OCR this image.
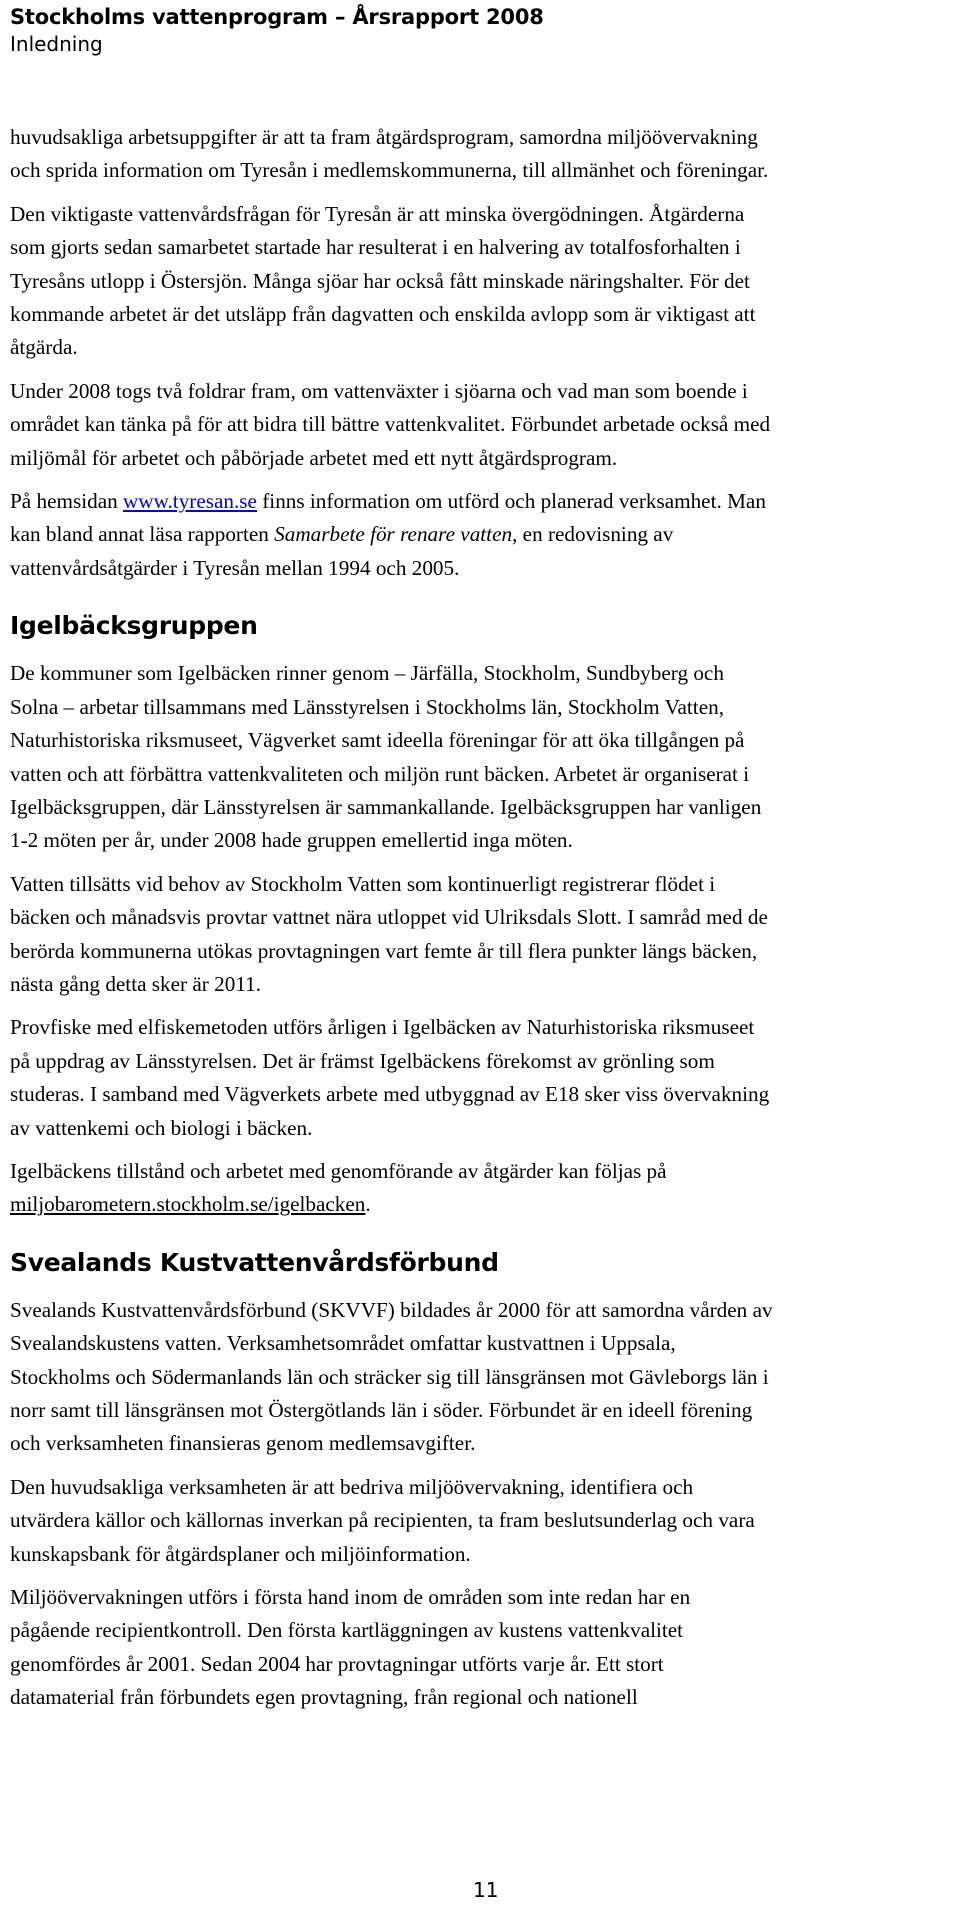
Stockholms vattenprogram – Årsrapport 2008
Inledning

huvudsakliga arbetsuppgifter är att ta fram åtgärdsprogram, samordna miljöövervakning
och sprida information om Tyresån i medlemskommunerna, till allmänhet och föreningar.

Den viktigaste vattenvårdsfrågan för Tyresån är att minska övergödningen. Åtgärderna
som gjorts sedan samarbetet startade har resulterat i en halvering av totalfosforhalten i
Tyresåns utlopp i Östersjön. Många sjöar har också fått minskade näringshalter. För det
kommande arbetet är det utsläpp från dagvatten och enskilda avlopp som är viktigast att
åtgärda.

Under 2008 togs två foldrar fram, om vattenväxter i sjöarna och vad man som boende i
området kan tänka på för att bidra till bättre vattenkvalitet. Förbundet arbetade också med
miljömål för arbetet och påbörjade arbetet med ett nytt åtgärdsprogram.

På hemsidan www.tyresan.se finns information om utförd och planerad verksamhet. Man
kan bland annat läsa rapporten Samarbete för renare vatten, en redovisning av
vattenvårdsåtgärder i Tyresån mellan 1994 och 2005.

Igelbäcksgruppen

De kommuner som Igelbäcken rinner genom – Järfälla, Stockholm, Sundbyberg och
Solna – arbetar tillsammans med Länsstyrelsen i Stockholms län, Stockholm Vatten,
Naturhistoriska riksmuseet, Vägverket samt ideella föreningar för att öka tillgången på
vatten och att förbättra vattenkvaliteten och miljön runt bäcken. Arbetet är organiserat i
Igelbäcksgruppen, där Länsstyrelsen är sammankallande. Igelbäcksgruppen har vanligen
1-2 möten per år, under 2008 hade gruppen emellertid inga möten.

Vatten tillsätts vid behov av Stockholm Vatten som kontinuerligt registrerar flödet i
bäcken och månadsvis provtar vattnet nära utloppet vid Ulriksdals Slott. I samråd med de
berörda kommunerna utökas provtagningen vart femte år till flera punkter längs bäcken,
nästa gång detta sker är 2011.

Provfiske med elfiskemetoden utförs årligen i Igelbäcken av Naturhistoriska riksmuseet
på uppdrag av Länsstyrelsen. Det är främst Igelbäckens förekomst av grönling som
studeras. I samband med Vägverkets arbete med utbyggnad av E18 sker viss övervakning
av vattenkemi och biologi i bäcken.

Igelbäckens tillstånd och arbetet med genomförande av åtgärder kan följas på
miljobarometern.stockholm.se/igelbacken.

Svealands Kustvattenvårdsförbund

Svealands Kustvattenvårdsförbund (SKVVF) bildades år 2000 för att samordna vården av
Svealandskustens vatten. Verksamhetsområdet omfattar kustvattnen i Uppsala,
Stockholms och Södermanlands län och sträcker sig till länsgränsen mot Gävleborgs län i
norr samt till länsgränsen mot Östergötlands län i söder. Förbundet är en ideell förening
och verksamheten finansieras genom medlemsavgifter.

Den huvudsakliga verksamheten är att bedriva miljöövervakning, identifiera och
utvärdera källor och källornas inverkan på recipienten, ta fram beslutsunderlag och vara
kunskapsbank för åtgärdsplaner och miljöinformation.

Miljöövervakningen utförs i första hand inom de områden som inte redan har en
pågående recipientkontroll. Den första kartläggningen av kustens vattenkvalitet
genomfördes år 2001. Sedan 2004 har provtagningar utförts varje år. Ett stort
datamaterial från förbundets egen provtagning, från regional och nationell

11
